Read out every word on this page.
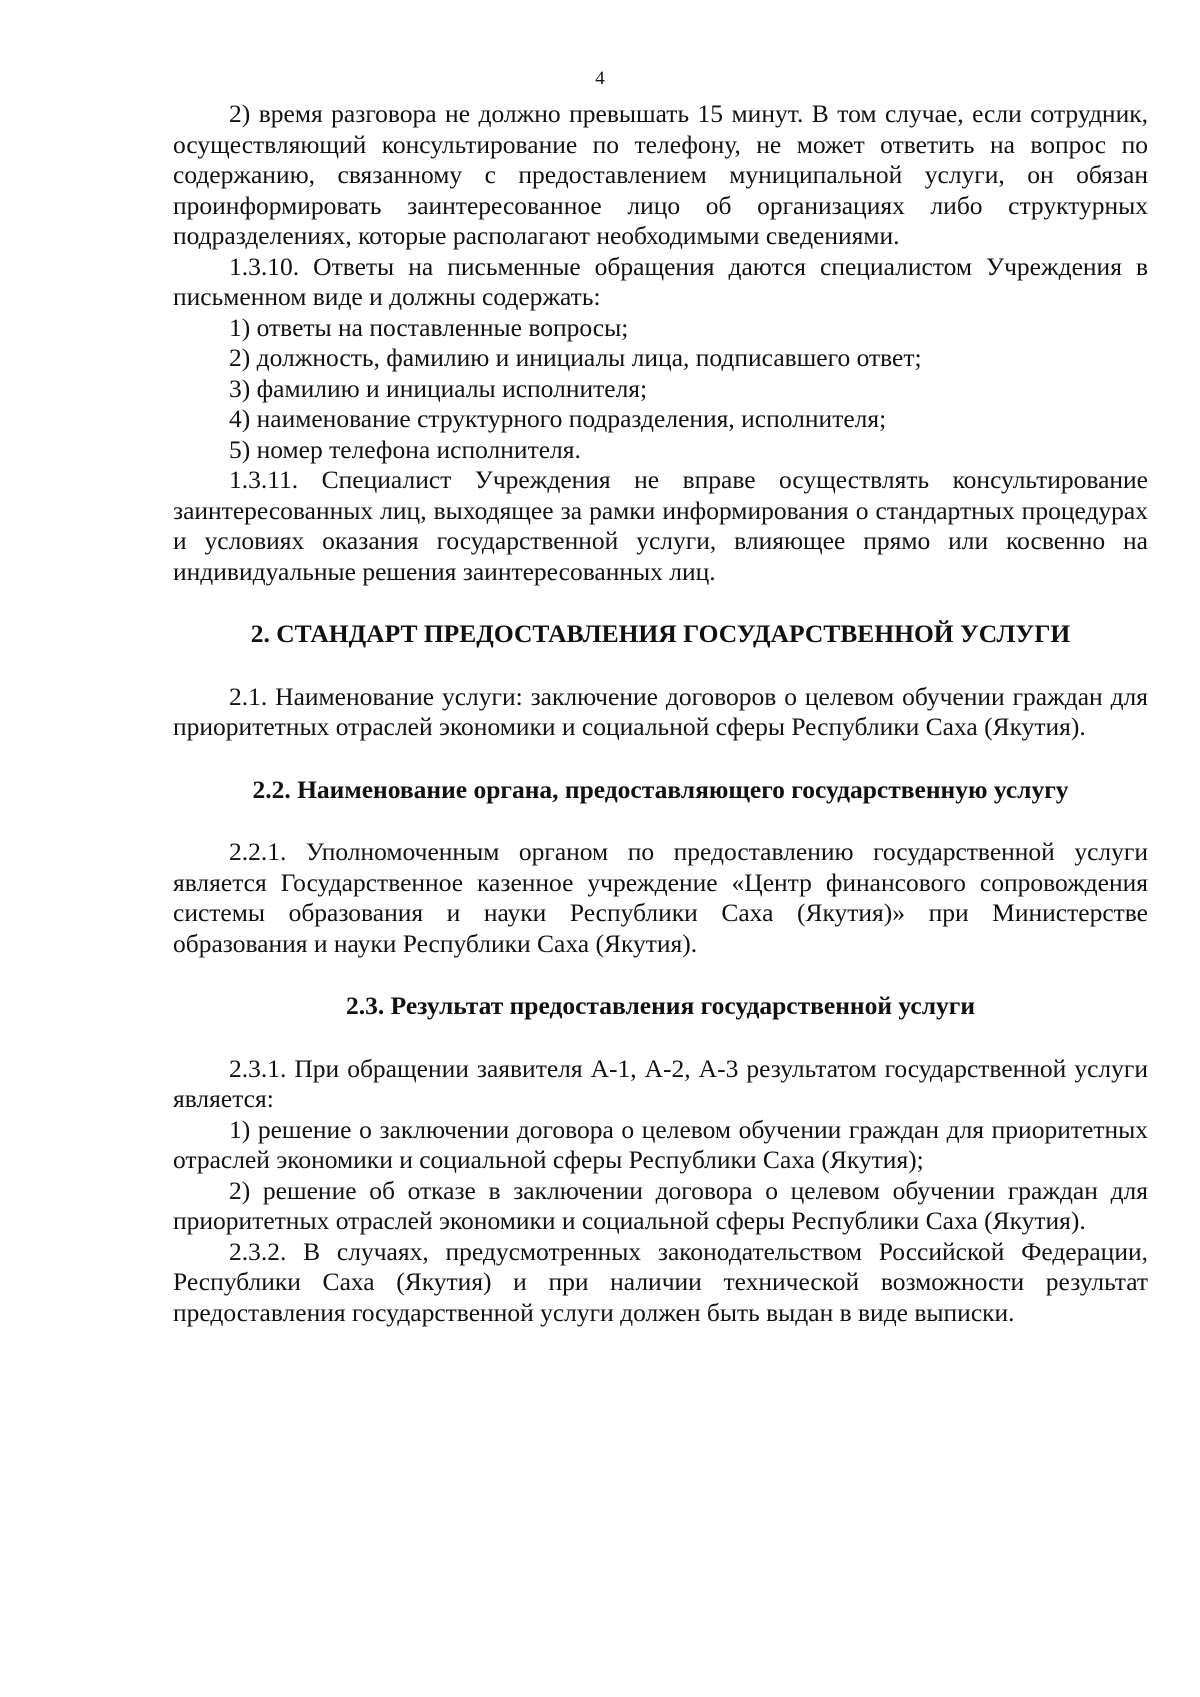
4

2) время разговора не должно превышать 15 минут. В том случае, если сотрудник, осуществляющий консультирование по телефону, не может ответить на вопрос по содержанию, связанному с предоставлением муниципальной услуги, он обязан проинформировать заинтересованное лицо об организациях либо структурных подразделениях, которые располагают необходимыми сведениями.

1.3.10. Ответы на письменные обращения даются специалистом Учреждения в письменном виде и должны содержать:

1) ответы на поставленные вопросы;

2) должность, фамилию и инициалы лица, подписавшего ответ;

3) фамилию и инициалы исполнителя;

4) наименование структурного подразделения, исполнителя;

5) номер телефона исполнителя.

1.3.11. Специалист Учреждения не вправе осуществлять консультирование заинтересованных лиц, выходящее за рамки информирования о стандартных процедурах и условиях оказания государственной услуги, влияющее прямо или косвенно на индивидуальные решения заинтересованных лиц.

2. СТАНДАРТ ПРЕДОСТАВЛЕНИЯ ГОСУДАРСТВЕННОЙ УСЛУГИ

2.1. Наименование услуги: заключение договоров о целевом обучении граждан для приоритетных отраслей экономики и социальной сферы Республики Саха (Якутия).

2.2. Наименование органа, предоставляющего государственную услугу

2.2.1. Уполномоченным органом по предоставлению государственной услуги является Государственное казенное учреждение «Центр финансового сопровождения системы образования и науки Республики Саха (Якутия)» при Министерстве образования и науки Республики Саха (Якутия).

2.3. Результат предоставления государственной услуги

2.3.1. При обращении заявителя А-1, А-2, А-3 результатом государственной услуги является:

1) решение о заключении договора о целевом обучении граждан для приоритетных отраслей экономики и социальной сферы Республики Саха (Якутия);

2) решение об отказе в заключении договора о целевом обучении граждан для приоритетных отраслей экономики и социальной сферы Республики Саха (Якутия).

2.3.2. В случаях, предусмотренных законодательством Российской Федерации, Республики Саха (Якутия) и при наличии технической возможности результат предоставления государственной услуги должен быть выдан в виде выписки.
